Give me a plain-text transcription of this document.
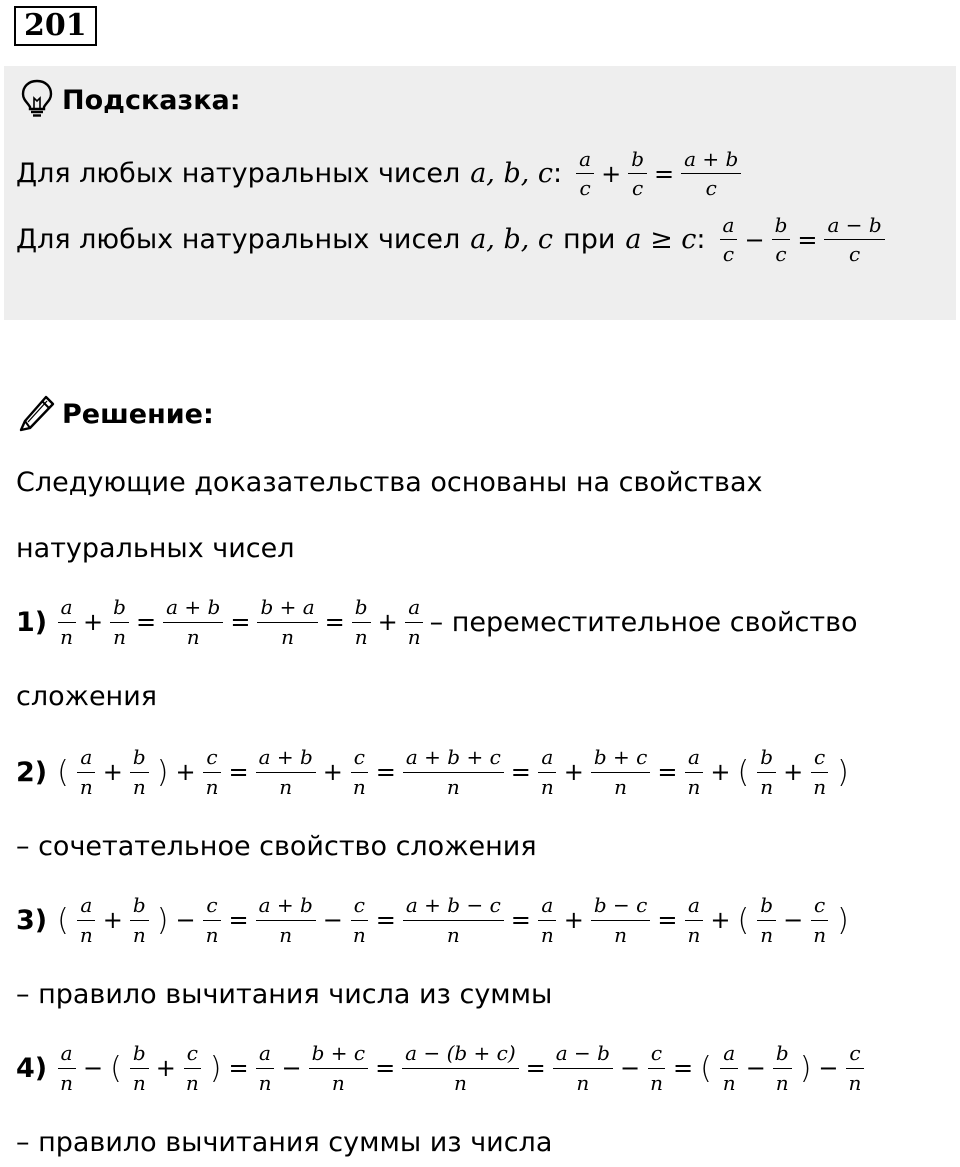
201
Подсказка:
Для любых натуральных чисел a, b, c : $\frac{a}{c} + \frac{b}{c} = \frac{a + b}{c}$
Для любых натуральных чисел a, b, c при a ≥ c : $\frac{a}{c} - \frac{b}{c} = \frac{a - b}{c}$
Решение:
Следующие доказательства основаны на свойствах
натуральных чисел
$1) \frac{a}{n} + \frac{b}{n} = \frac{a + b}{n} = \frac{b + a}{n} = \frac{b}{n} + \frac{a}{n}$ – переместительное свойство
сложения
2) ( $\frac{a}{n} + \frac{b}{n}$ ) + $\frac{c}{n} = \frac{a + b}{n} + \frac{c}{n} = \frac{a + b + c}{n} = \frac{a}{n} + \frac{b + c}{n} = \frac{a}{n}$ + ( $\frac{b}{n} + \frac{c}{n}$ )
– сочетательное свойство сложения
3) ( $\frac{a}{n} + \frac{b}{n}$ ) − $\frac{c}{n} = \frac{a + b}{n} - \frac{c}{n} = \frac{a + b - c}{n} = \frac{a}{n} + \frac{b - c}{n} = \frac{a}{n}$ + ( $\frac{b}{n} - \frac{c}{n}$ )
– правило вычитания числа из суммы
$4) \frac{a}{n}$ − ( $\frac{b}{n} + \frac{c}{n}$ ) = $\frac{a}{n} - \frac{b + c}{n} = \frac{a - (b + c)}{n} = \frac{a - b}{n} - \frac{c}{n}$ = ( $\frac{a}{n} - \frac{b}{n}$ ) − $\frac{c}{n}$
– правило вычитания суммы из числа
